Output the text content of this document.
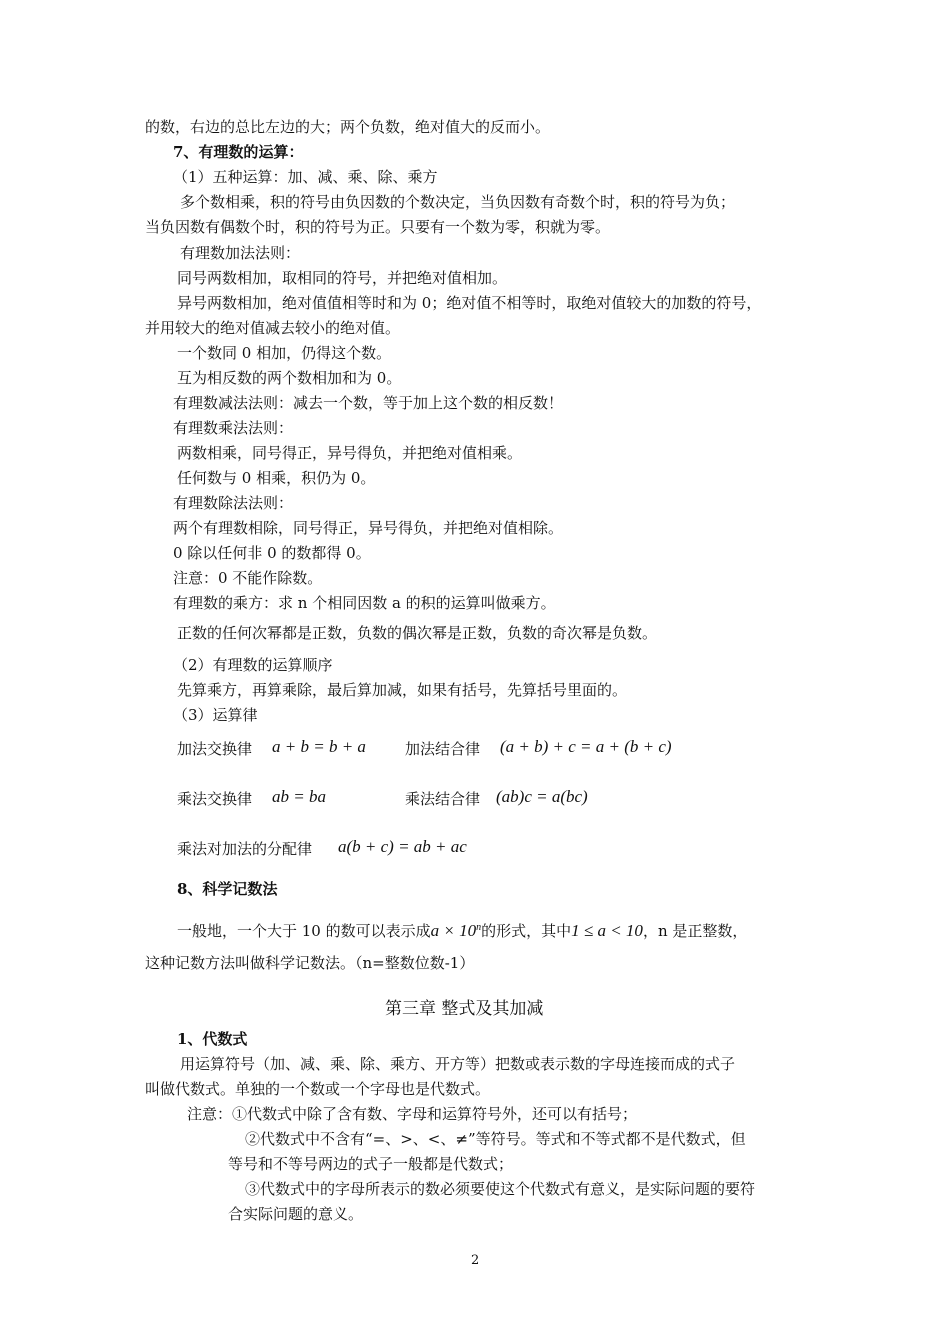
的数，右边的总比左边的大；两个负数，绝对值大的反而小。
7、有理数的运算：
（1）五种运算：加、减、乘、除、乘方
多个数相乘，积的符号由负因数的个数决定，当负因数有奇数个时，积的符号为负；
当负因数有偶数个时，积的符号为正。只要有一个数为零，积就为零。
有理数加法法则：
同号两数相加，取相同的符号，并把绝对值相加。
异号两数相加，绝对值值相等时和为 0；绝对值不相等时，取绝对值较大的加数的符号，
并用较大的绝对值减去较小的绝对值。
一个数同 0 相加，仍得这个数。
互为相反数的两个数相加和为 0。
有理数减法法则：减去一个数，等于加上这个数的相反数！
有理数乘法法则：
两数相乘，同号得正，异号得负，并把绝对值相乘。
任何数与 0 相乘，积仍为 0。
有理数除法法则：
两个有理数相除，同号得正，异号得负，并把绝对值相除。
0 除以任何非 0 的数都得 0。
注意：0 不能作除数。
有理数的乘方：求 n 个相同因数 a 的积的运算叫做乘方。
正数的任何次幂都是正数，负数的偶次幂是正数，负数的奇次幂是负数。
（2）有理数的运算顺序
先算乘方，再算乘除，最后算加减，如果有括号，先算括号里面的。
（3）运算律
加法交换律 a + b = b + a	加法结合律 (a + b) + c = a + (b + c)
乘法交换律 ab = ba	乘法结合律 (ab)c = a(bc)
乘法对加法的分配律 a(b + c) = ab + ac
8、科学记数法
一般地，一个大于 10 的数可以表示成$a \times 10^n$的形式，其中1 ≤ a < 10，n 是正整数，
这种记数方法叫做科学记数法。（n=整数位数-1）
第三章 整式及其加减
1、代数式
用运算符号（加、减、乘、除、乘方、开方等）把数或表示数的字母连接而成的式子
叫做代数式。单独的一个数或一个字母也是代数式。
注意：①代数式中除了含有数、字母和运算符号外，还可以有括号；
②代数式中不含有“=、>、<、≠”等符号。等式和不等式都不是代数式，但
等号和不等号两边的式子一般都是代数式；
③代数式中的字母所表示的数必须要使这个代数式有意义，是实际问题的要符
合实际问题的意义。
2
